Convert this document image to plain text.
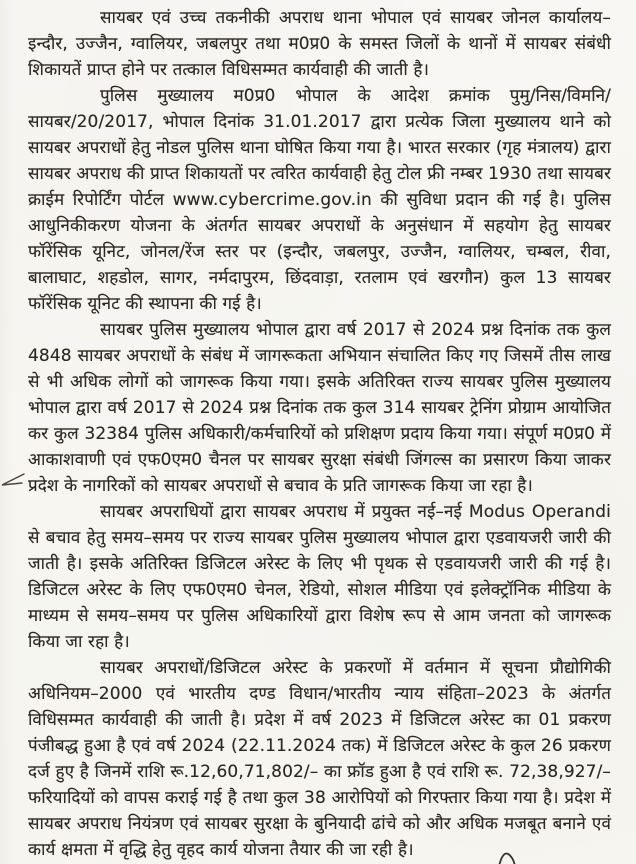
सायबर एवं उच्च तकनीकी अपराध थाना भोपाल एवं सायबर जोनल कार्यालय–इन्दौर, उज्जैन, ग्वालियर, जबलपुर तथा म0प्र0 के समस्त जिलों के थानों में सायबर संबंधी शिकायतें प्राप्त होने पर तत्काल विधिसम्मत कार्यवाही की जाती है।

पुलिस मुख्यालय म0प्र0 भोपाल के आदेश क्रमांक पुमु/निस/विमनि/सायबर/20/2017, भोपाल दिनांक 31.01.2017 द्वारा प्रत्येक जिला मुख्यालय थाने को सायबर अपराधों हेतु नोडल पुलिस थाना घोषित किया गया है। भारत सरकार (गृह मंत्रालय) द्वारा सायबर अपराध की प्राप्त शिकायतों पर त्वरित कार्यवाही हेतु टोल फ्री नम्बर 1930 तथा सायबर क्राईम रिपोर्टिंग पोर्टल www.cybercrime.gov.in की सुविधा प्रदान की गई है। पुलिस आधुनिकीकरण योजना के अंतर्गत सायबर अपराधों के अनुसंधान में सहयोग हेतु सायबर फॉरेंसिक यूनिट, जोनल/रेंज स्तर पर (इन्दौर, जबलपुर, उज्जैन, ग्वालियर, चम्बल, रीवा, बालाघाट, शहडोल, सागर, नर्मदापुरम, छिंदवाड़ा, रतलाम एवं खरगौन) कुल 13 सायबर फॉरेंसिक यूनिट की स्थापना की गई है।

सायबर पुलिस मुख्यालय भोपाल द्वारा वर्ष 2017 से 2024 प्रश्न दिनांक तक कुल 4848 सायबर अपराधों के संबंध में जागरूकता अभियान संचालित किए गए जिसमें तीस लाख से भी अधिक लोगों को जागरूक किया गया। इसके अतिरिक्त राज्य सायबर पुलिस मुख्यालय भोपाल द्वारा वर्ष 2017 से 2024 प्रश्न दिनांक तक कुल 314 सायबर ट्रेनिंग प्रोग्राम आयोजित कर कुल 32384 पुलिस अधिकारी/कर्मचारियों को प्रशिक्षण प्रदाय किया गया। संपूर्ण म0प्र0 में आकाशवाणी एवं एफ0एम0 चैनल पर सायबर सुरक्षा संबंधी जिंगल्स का प्रसारण किया जाकर प्रदेश के नागरिकों को सायबर अपराधों से बचाव के प्रति जागरूक किया जा रहा है।

सायबर अपराधियों द्वारा सायबर अपराध में प्रयुक्त नई–नई Modus Operandi से बचाव हेतु समय–समय पर राज्य सायबर पुलिस मुख्यालय भोपाल द्वारा एडवायजरी जारी की जाती है। इसके अतिरिक्त डिजिटल अरेस्ट के लिए भी पृथक से एडवायजरी जारी की गई है। डिजिटल अरेस्ट के लिए एफ0एम0 चेनल, रेडियो, सोशल मीडिया एवं इलेक्ट्रॉनिक मीडिया के माध्यम से समय–समय पर पुलिस अधिकारियों द्वारा विशेष रूप से आम जनता को जागरूक किया जा रहा है।

सायबर अपराधों/डिजिटल अरेस्ट के प्रकरणों में वर्तमान में सूचना प्रौद्योगिकी अधिनियम–2000 एवं भारतीय दण्ड विधान/भारतीय न्याय संहिता–2023 के अंतर्गत विधिसम्मत कार्यवाही की जाती है। प्रदेश में वर्ष 2023 में डिजिटल अरेस्ट का 01 प्रकरण पंजीबद्ध हुआ है एवं वर्ष 2024 (22.11.2024 तक) में डिजिटल अरेस्ट के कुल 26 प्रकरण दर्ज हुए है जिनमें राशि रू.12,60,71,802/– का फ्रॉड हुआ है एवं राशि रू. 72,38,927/– फरियादियों को वापस कराई गई है तथा कुल 38 आरोपियों को गिरफ्तार किया गया है। प्रदेश में सायबर अपराध नियंत्रण एवं सायबर सुरक्षा के बुनियादी ढांचे को और अधिक मजबूत बनाने एवं कार्य क्षमता में वृद्धि हेतु वृहद कार्य योजना तैयार की जा रही है।
